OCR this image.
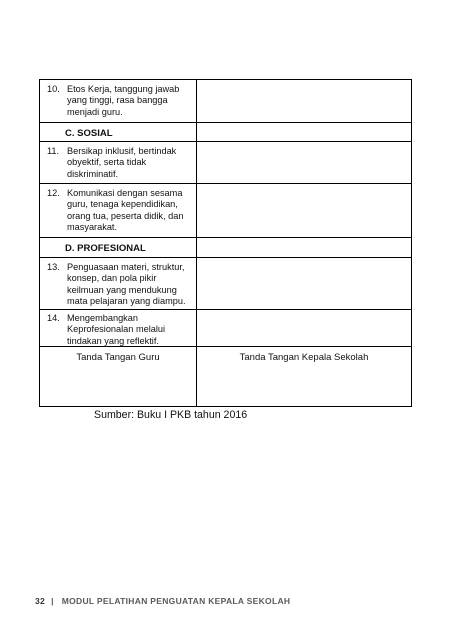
10. Etos Kerja, tanggung jawab yang tinggi, rasa bangga menjadi guru.
C. SOSIAL
11. Bersikap inklusif, bertindak obyektif, serta tidak diskriminatif.
12. Komunikasi dengan sesama guru, tenaga kependidikan, orang tua, peserta didik, dan masyarakat.
D. PROFESIONAL
13. Penguasaan materi, struktur, konsep, dan pola pikir keilmuan yang mendukung mata pelajaran yang diampu.
14. Mengembangkan Keprofesionalan melalui tindakan yang reflektif.
Tanda Tangan Guru	Tanda Tangan Kepala Sekolah
Sumber: Buku I PKB tahun 2016
32 | MODUL PELATIHAN PENGUATAN KEPALA SEKOLAH
